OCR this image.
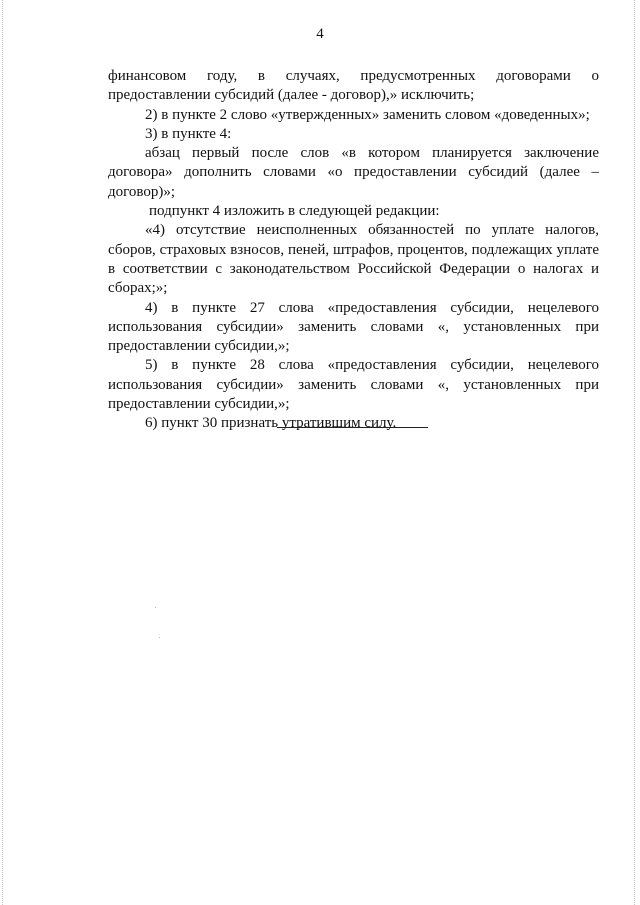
4

финансовом году, в случаях, предусмотренных договорами о предоставлении субсидий (далее - договор),» исключить;

2) в пункте 2 слово «утвержденных» заменить словом «доведенных»;

3) в пункте 4:

абзац первый после слов «в котором планируется заключение договора» дополнить словами «о предоставлении субсидий (далее – договор)»;

подпункт 4 изложить в следующей редакции:

«4) отсутствие неисполненных обязанностей по уплате налогов, сборов, страховых взносов, пеней, штрафов, процентов, подлежащих уплате в соответствии с законодательством Российской Федерации о налогах и сборах;»;

4) в пункте 27 слова «предоставления субсидии, нецелевого использования субсидии» заменить словами «, установленных при предоставлении субсидии,»;

5) в пункте 28 слова «предоставления субсидии, нецелевого использования субсидии» заменить словами «, установленных при предоставлении субсидии,»;

6) пункт 30 признать утратившим силу.
